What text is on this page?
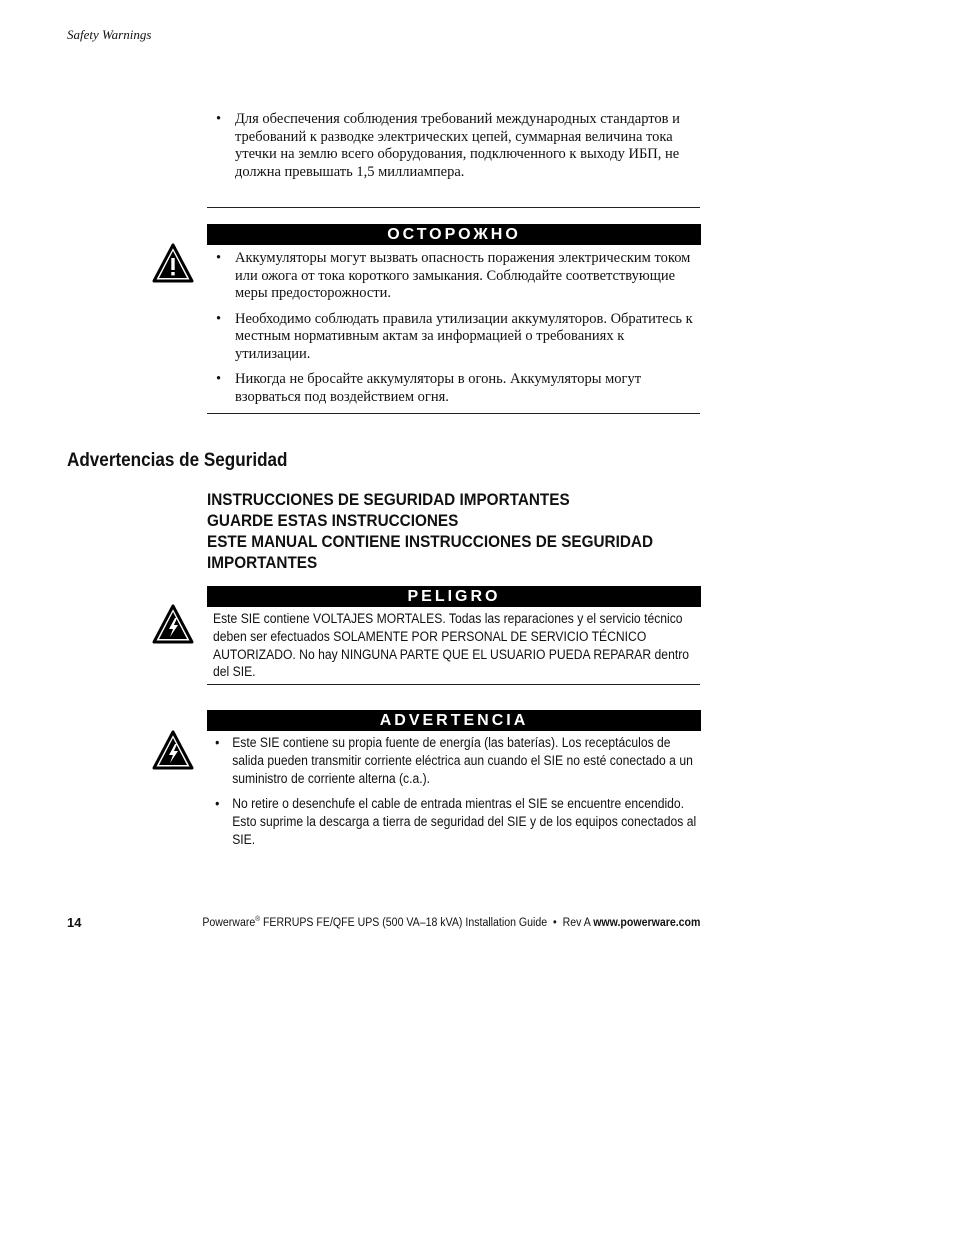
Safety Warnings
• Для обеспечения соблюдения требований международных стандартов и требований к разводке электрических цепей, суммарная величина тока утечки на землю всего оборудования, подключенного к выходу ИБП, не должна превышать 1,5 миллиампера.
ОСТОРОЖНО
• Аккумуляторы могут вызвать опасность поражения электрическим током или ожога от тока короткого замыкания. Соблюдайте соответствующие меры предосторожности.
• Необходимо соблюдать правила утилизации аккумуляторов. Обратитесь к местным нормативным актам за информацией о требованиях к утилизации.
• Никогда не бросайте аккумуляторы в огонь. Аккумуляторы могут взорваться под воздействием огня.
Advertencias de Seguridad
INSTRUCCIONES DE SEGURIDAD IMPORTANTES
GUARDE ESTAS INSTRUCCIONES
ESTE MANUAL CONTIENE INSTRUCCIONES DE SEGURIDAD
IMPORTANTES
PELIGRO

Este SIE contiene VOLTAJES MORTALES. Todas las reparaciones y el servicio técnico deben ser efectuados SOLAMENTE POR PERSONAL DE SERVICIO TÉCNICO AUTORIZADO. No hay NINGUNA PARTE QUE EL USUARIO PUEDA REPARAR dentro del SIE.

ADVERTENCIA
• Este SIE contiene su propia fuente de energía (las baterías). Los receptáculos de salida pueden transmitir corriente eléctrica aun cuando el SIE no esté conectado a un suministro de corriente alterna (c.a.).
• No retire o desenchufe el cable de entrada mientras el SIE se encuentre encendido. Esto suprime la descarga a tierra de seguridad del SIE y de los equipos conectados al SIE.
14	Powerware® FERRUPS FE/QFE UPS (500 VA–18 kVA) Installation Guide  •  Rev A www.powerware.com
